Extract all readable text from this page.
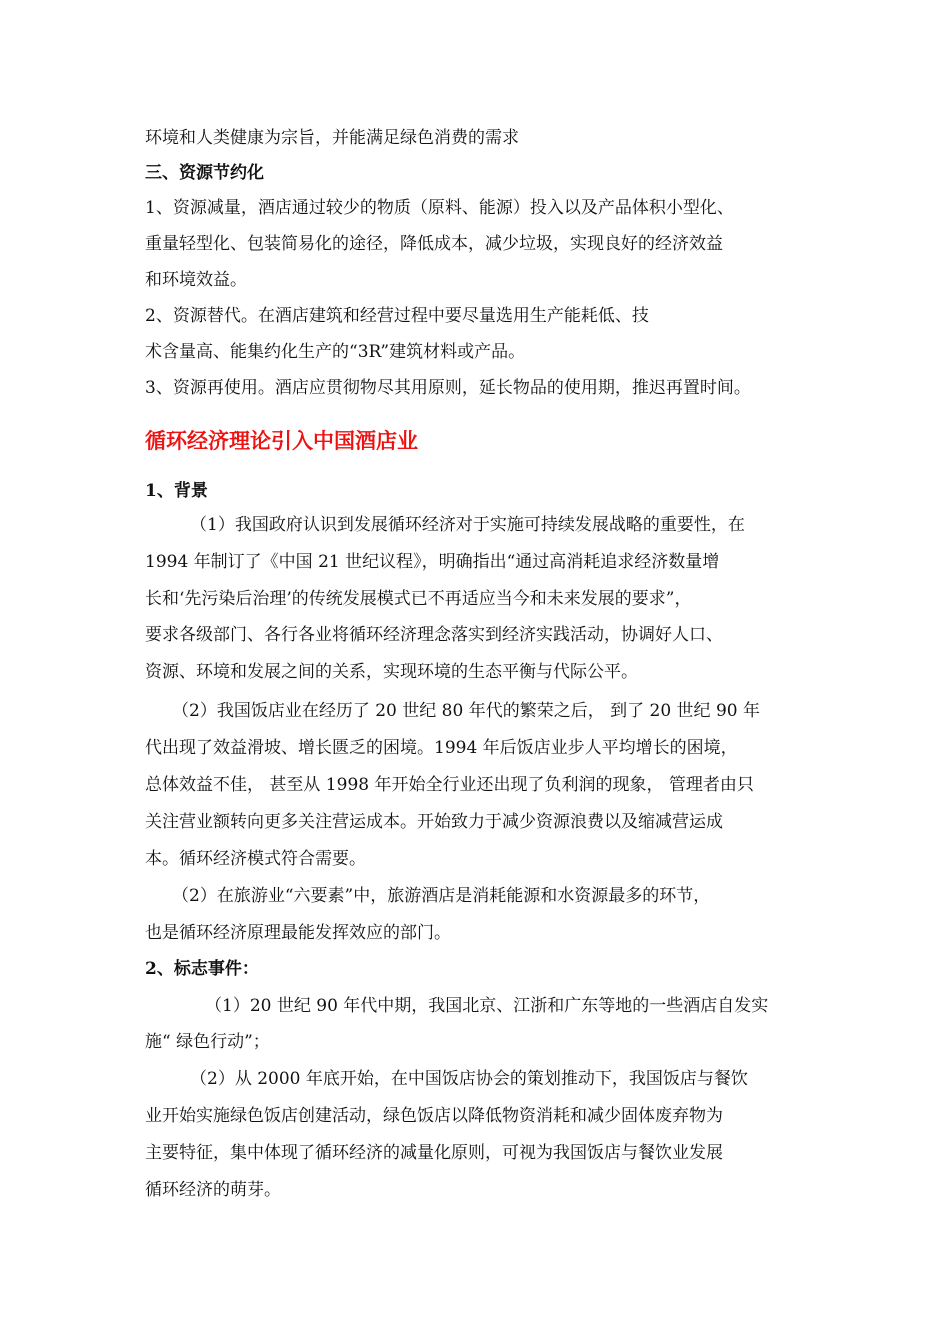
环境和人类健康为宗旨，并能满足绿色消费的需求
三、资源节约化
1、资源减量，酒店通过较少的物质（原料、能源）投入以及产品体积小型化、
重量轻型化、包装简易化的途径，降低成本，减少垃圾，实现良好的经济效益
和环境效益。
2、资源替代。在酒店建筑和经营过程中要尽量选用生产能耗低、技
术含量高、能集约化生产的“3R”建筑材料或产品。
3、资源再使用。酒店应贯彻物尽其用原则，延长物品的使用期，推迟再置时间。
循环经济理论引入中国酒店业
1、背景
（1）我国政府认识到发展循环经济对于实施可持续发展战略的重要性，在
1994 年制订了《中国 21 世纪议程》，明确指出“通过高消耗追求经济数量增
长和‘先污染后治理’的传统发展模式已不再适应当今和未来发展的要求”，
要求各级部门、各行各业将循环经济理念落实到经济实践活动，协调好人口、
资源、环境和发展之间的关系，实现环境的生态平衡与代际公平。
（2）我国饭店业在经历了 20 世纪 80 年代的繁荣之后， 到了 20 世纪 90 年
代出现了效益滑坡、增长匮乏的困境。1994 年后饭店业步人平均增长的困境，
总体效益不佳， 甚至从 1998 年开始全行业还出现了负利润的现象， 管理者由只
关注营业额转向更多关注营运成本。开始致力于减少资源浪费以及缩减营运成
本。循环经济模式符合需要。
（2）在旅游业“六要素”中，旅游酒店是消耗能源和水资源最多的环节，
也是循环经济原理最能发挥效应的部门。
2、标志事件：
（1）20 世纪 90 年代中期，我国北京、江浙和广东等地的一些酒店自发实
施“ 绿色行动”；
（2）从 2000 年底开始，在中国饭店协会的策划推动下，我国饭店与餐饮
业开始实施绿色饭店创建活动，绿色饭店以降低物资消耗和减少固体废弃物为
主要特征，集中体现了循环经济的减量化原则，可视为我国饭店与餐饮业发展
循环经济的萌芽。
